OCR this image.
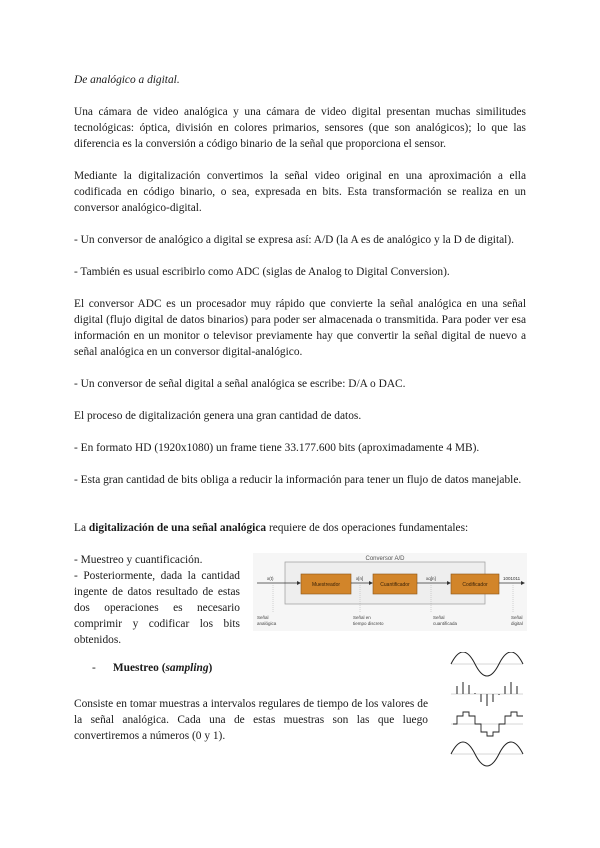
De analógico a digital.

Una cámara de video analógica y una cámara de video digital presentan muchas similitudes tecnológicas: óptica, división en colores primarios, sensores (que son analógicos); lo que las diferencia es la conversión a código binario de la señal que proporciona el sensor.

Mediante la digitalización convertimos la señal video original en una aproximación a ella codificada en código binario, o sea, expresada en bits. Esta transformación se realiza en un conversor analógico-digital.

- Un conversor de analógico a digital se expresa así: A/D (la A es de analógico y la D de digital).

- También es usual escribirlo como ADC (siglas de Analog to Digital Conversion).

El conversor ADC es un procesador muy rápido que convierte la señal analógica en una señal digital (flujo digital de datos binarios) para poder ser almacenada o transmitida. Para poder ver esa información en un monitor o televisor previamente hay que convertir la señal digital de nuevo a señal analógica en un conversor digital-analógico.

- Un conversor de señal digital a señal analógica se escribe: D/A o DAC.

El proceso de digitalización genera una gran cantidad de datos.

- En formato HD (1920x1080) un frame tiene 33.177.600 bits (aproximadamente 4 MB).

- Esta gran cantidad de bits obliga a reducir la información para tener un flujo de datos manejable.

La digitalización de una señal analógica requiere de dos operaciones fundamentales:

- Muestreo y cuantificación.

- Posteriormente, dada la cantidad ingente de datos resultado de estas dos operaciones es necesario comprimir y codificar los bits obtenidos.

Conversor A/D
Muestreador	Cuantificador	Codificador
x(t)	x[n]	xq[n]	1001011
Señal
analógica
Señal en
tiempo discreto
Señal
cuantificada
Señal
digital

- Muestreo (sampling)

Consiste en tomar muestras a intervalos regulares de tiempo de los valores de la señal analógica. Cada una de estas muestras son las que luego convertiremos a números (0 y 1).
